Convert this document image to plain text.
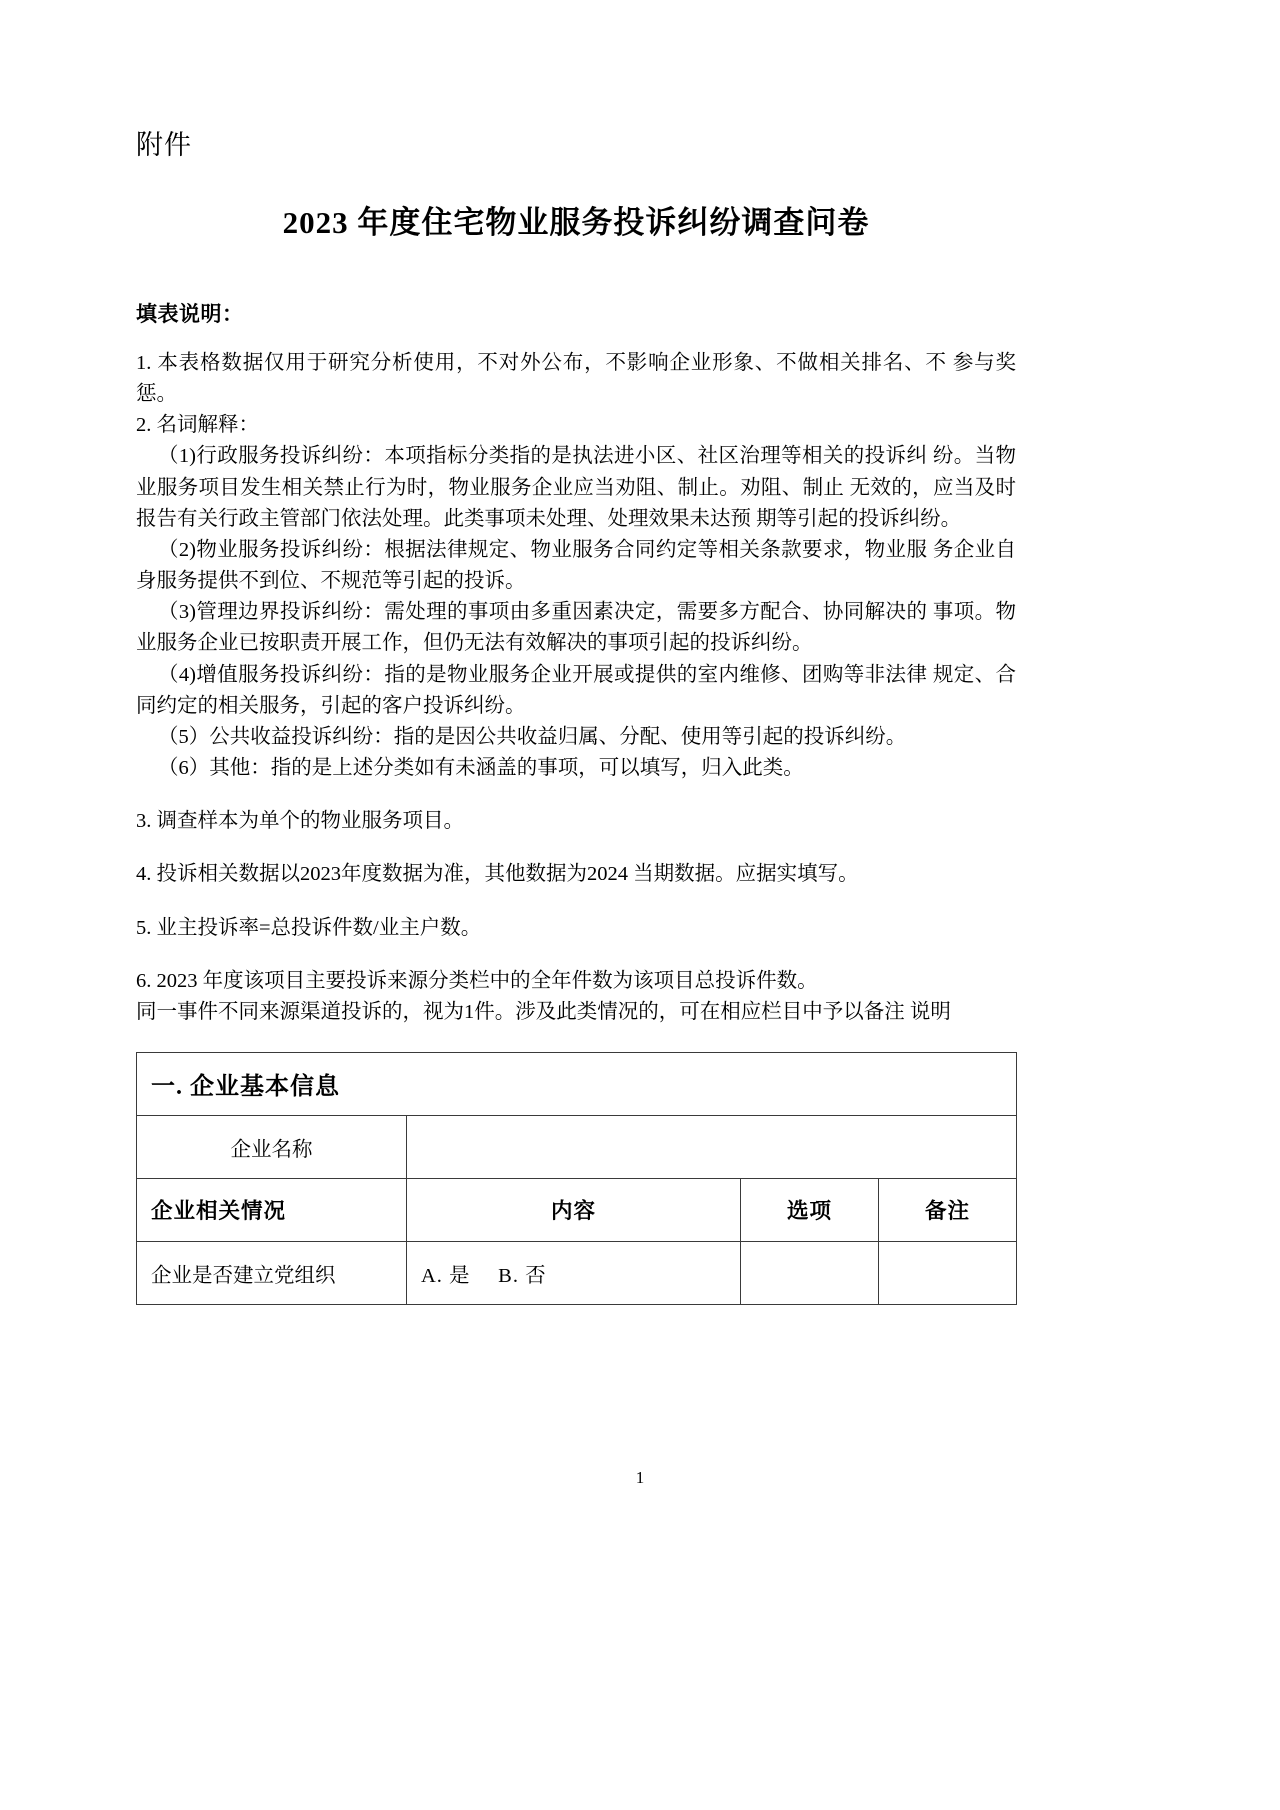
附件
2023 年度住宅物业服务投诉纠纷调查问卷
填表说明：

1. 本表格数据仅用于研究分析使用，不对外公布，不影响企业形象、不做相关排名、不 参与奖惩。

2. 名词解释：

（1)行政服务投诉纠纷：本项指标分类指的是执法进小区、社区治理等相关的投诉纠 纷。当物业服务项目发生相关禁止行为时，物业服务企业应当劝阻、制止。劝阻、制止 无效的，应当及时报告有关行政主管部门依法处理。此类事项未处理、处理效果未达预 期等引起的投诉纠纷。

（2)物业服务投诉纠纷：根据法律规定、物业服务合同约定等相关条款要求，物业服 务企业自身服务提供不到位、不规范等引起的投诉。

（3)管理边界投诉纠纷：需处理的事项由多重因素决定，需要多方配合、协同解决的 事项。物业服务企业已按职责开展工作，但仍无法有效解决的事项引起的投诉纠纷。

（4)增值服务投诉纠纷：指的是物业服务企业开展或提供的室内维修、团购等非法律 规定、合同约定的相关服务，引起的客户投诉纠纷。

（5）公共收益投诉纠纷：指的是因公共收益归属、分配、使用等引起的投诉纠纷。

（6）其他：指的是上述分类如有未涵盖的事项，可以填写，归入此类。

3. 调查样本为单个的物业服务项目。

4. 投诉相关数据以2023年度数据为准，其他数据为2024 当期数据。应据实填写。

5. 业主投诉率=总投诉件数/业主户数。

6. 2023 年度该项目主要投诉来源分类栏中的全年件数为该项目总投诉件数。

同一事件不同来源渠道投诉的，视为1件。涉及此类情况的，可在相应栏目中予以备注 说明

一. 企业基本信息			
企业名称			
企业相关情况	内容	选项	备注
企业是否建立党组织	A. 是　 B. 否		
1
